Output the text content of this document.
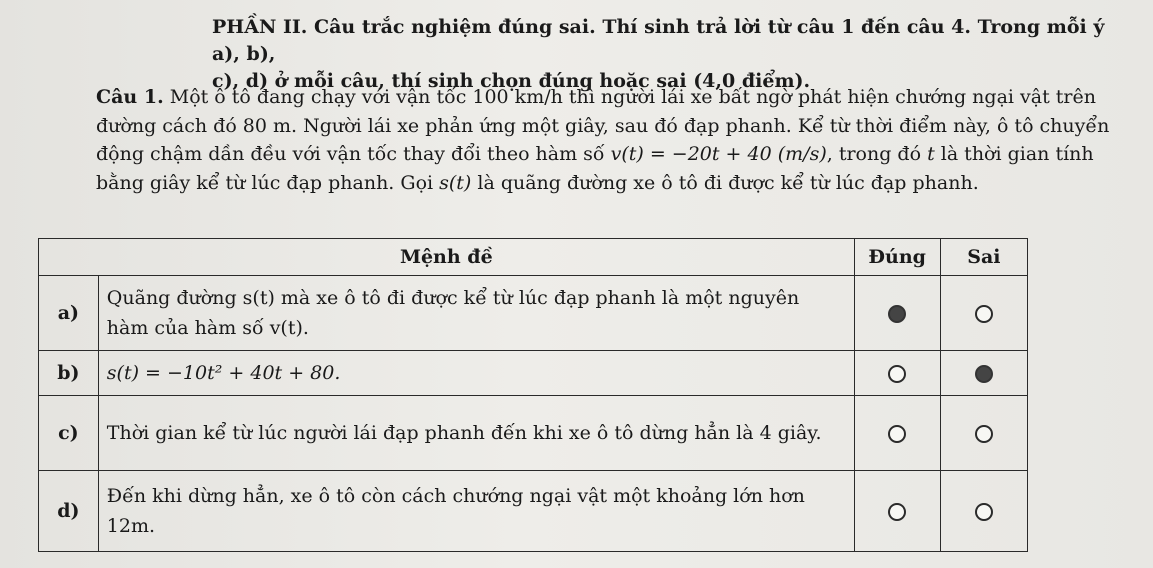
PHẦN II. Câu trắc nghiệm đúng sai. Thí sinh trả lời từ câu 1 đến câu 4. Trong mỗi ý a), b),
c), d) ở mỗi câu, thí sinh chọn đúng hoặc sai (4,0 điểm).
Câu 1. Một ô tô đang chạy với vận tốc 100 km/h thì người lái xe bất ngờ phát hiện chướng ngại vật trên đường cách đó 80 m. Người lái xe phản ứng một giây, sau đó đạp phanh. Kể từ thời điểm này, ô tô chuyển động chậm dần đều với vận tốc thay đổi theo hàm số v(t) = −20t + 40 (m/s), trong đó t là thời gian tính bằng giây kể từ lúc đạp phanh. Gọi s(t) là quãng đường xe ô tô đi được kể từ lúc đạp phanh.
Mệnh đề		Đúng	Sai
a)	Quãng đường s(t) mà xe ô tô đi được kể từ lúc đạp phanh là một nguyên hàm của hàm số v(t).		
b)	s(t) = −10t² + 40t + 80.		
c)	Thời gian kể từ lúc người lái đạp phanh đến khi xe ô tô dừng hẳn là 4 giây.		
d)	Đến khi dừng hẳn, xe ô tô còn cách chướng ngại vật một khoảng lớn hơn 12m.		
